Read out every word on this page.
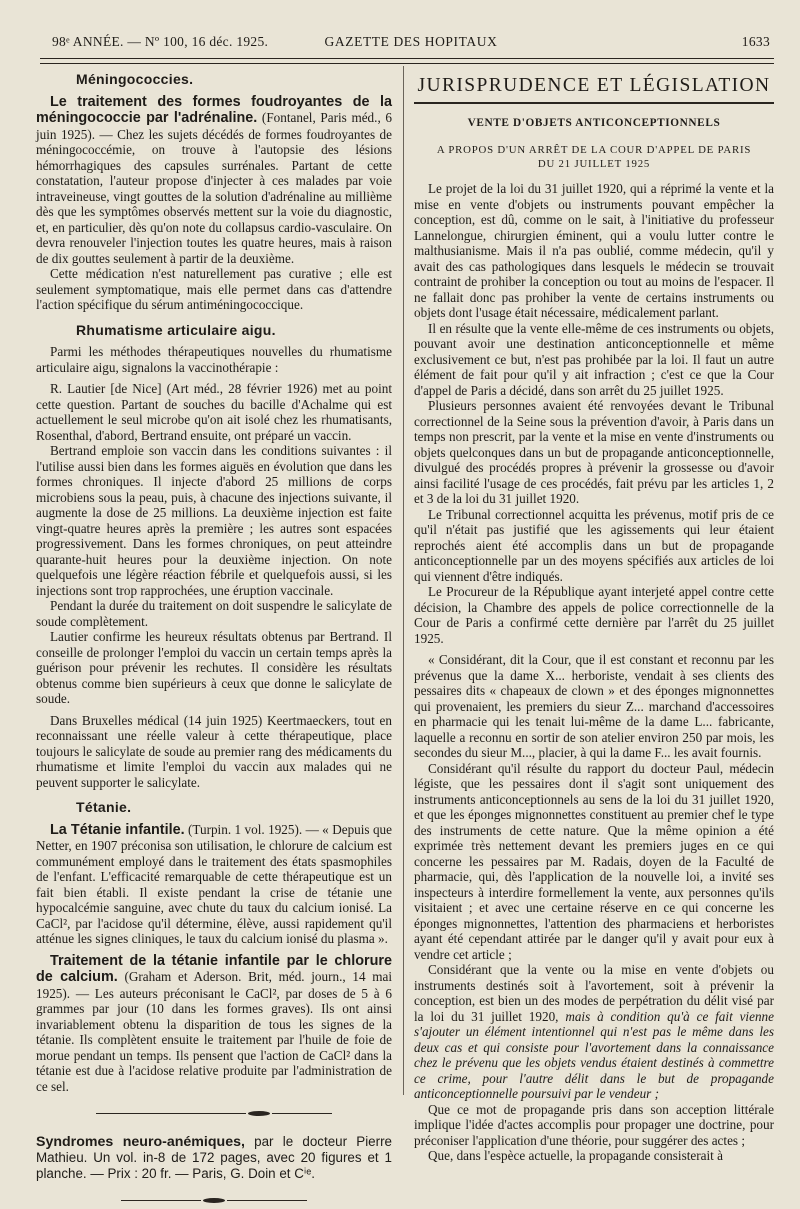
98ᵉ ANNÉE. — Nº 100, 16 déc. 1925.	GAZETTE DES HOPITAUX	1633
Méningococcies.

Le traitement des formes foudroyantes de la méningococcie par l'adrénaline. (Fontanel, Paris méd., 6 juin 1925). — Chez les sujets décédés de formes foudroyantes de méningococcémie, on trouve à l'autopsie des lésions hémorrhagiques des capsules surrénales. Partant de cette constatation, l'auteur propose d'injecter à ces malades par voie intraveineuse, vingt gouttes de la solution d'adrénaline au millième dès que les symptômes observés mettent sur la voie du diagnostic, et, en particulier, dès qu'on note du collapsus cardio-vasculaire. On devra renouveler l'injection toutes les quatre heures, mais à raison de dix gouttes seulement à partir de la deuxième.

Cette médication n'est naturellement pas curative ; elle est seulement symptomatique, mais elle permet dans cas d'attendre l'action spécifique du sérum antiméningococcique.

Rhumatisme articulaire aigu.

Parmi les méthodes thérapeutiques nouvelles du rhumatisme articulaire aigu, signalons la vaccinothérapie :

R. Lautier [de Nice] (Art méd., 28 février 1926) met au point cette question. Partant de souches du bacille d'Achalme qui est actuellement le seul microbe qu'on ait isolé chez les rhumatisants, Rosenthal, d'abord, Bertrand ensuite, ont préparé un vaccin.

Bertrand emploie son vaccin dans les conditions suivantes : il l'utilise aussi bien dans les formes aiguës en évolution que dans les formes chroniques. Il injecte d'abord 25 millions de corps microbiens sous la peau, puis, à chacune des injections suivante, il augmente la dose de 25 millions. La deuxième injection est faite vingt-quatre heures après la première ; les autres sont espacées progressivement. Dans les formes chroniques, on peut atteindre quarante-huit heures pour la deuxième injection. On note quelquefois une légère réaction fébrile et quelquefois aussi, si les injections sont trop rapprochées, une éruption vaccinale.

Pendant la durée du traitement on doit suspendre le salicylate de soude complètement.

Lautier confirme les heureux résultats obtenus par Bertrand. Il conseille de prolonger l'emploi du vaccin un certain temps après la guérison pour prévenir les rechutes. Il considère les résultats obtenus comme bien supérieurs à ceux que donne le salicylate de soude.

Dans Bruxelles médical (14 juin 1925) Keertmaeckers, tout en reconnaissant une réelle valeur à cette thérapeutique, place toujours le salicylate de soude au premier rang des médicaments du rhumatisme et limite l'emploi du vaccin aux malades qui ne peuvent supporter le salicylate.

Tétanie.

La Tétanie infantile. (Turpin. 1 vol. 1925). — « Depuis que Netter, en 1907 préconisa son utilisation, le chlorure de calcium est communément employé dans le traitement des états spasmophiles de l'enfant. L'efficacité remarquable de cette thérapeutique est un fait bien établi. Il existe pendant la crise de tétanie une hypocalcémie sanguine, avec chute du taux du calcium ionisé. La CaCl², par l'acidose qu'il détermine, élève, aussi rapidement qu'il atténue les signes cliniques, le taux du calcium ionisé du plasma ».

Traitement de la tétanie infantile par le chlorure de calcium. (Graham et Aderson. Brit, méd. journ., 14 mai 1925). — Les auteurs préconisant le CaCl², par doses de 5 à 6 grammes par jour (10 dans les formes graves). Ils ont ainsi invariablement obtenu la disparition de tous les signes de la tétanie. Ils complètent ensuite le traitement par l'huile de foie de morue pendant un temps. Ils pensent que l'action de CaCl² dans la tétanie est due à l'acidose relative produite par l'administration de ce sel.

Syndromes neuro-anémiques, par le docteur Pierre Mathieu. Un vol. in-8 de 172 pages, avec 20 figures et 1 planche. — Prix : 20 fr. — Paris, G. Doin et Cⁱᵉ.

JURISPRUDENCE ET LÉGISLATION
VENTE D'OBJETS ANTICONCEPTIONNELS
A PROPOS D'UN ARRÊT DE LA COUR D'APPEL DE PARIS
DU 21 JUILLET 1925

Le projet de la loi du 31 juillet 1920, qui a réprimé la vente et la mise en vente d'objets ou instruments pouvant empêcher la conception, est dû, comme on le sait, à l'initiative du professeur Lannelongue, chirurgien éminent, qui a voulu lutter contre le malthusianisme. Mais il n'a pas oublié, comme médecin, qu'il y avait des cas pathologiques dans lesquels le médecin se trouvait contraint de prohiber la conception ou tout au moins de l'espacer. Il ne fallait donc pas prohiber la vente de certains instruments ou objets dont l'usage était nécessaire, médicalement parlant.

Il en résulte que la vente elle-même de ces instruments ou objets, pouvant avoir une destination anticonceptionnelle et même exclusivement ce but, n'est pas prohibée par la loi. Il faut un autre élément de fait pour qu'il y ait infraction ; c'est ce que la Cour d'appel de Paris a décidé, dans son arrêt du 25 juillet 1925.

Plusieurs personnes avaient été renvoyées devant le Tribunal correctionnel de la Seine sous la prévention d'avoir, à Paris dans un temps non prescrit, par la vente et la mise en vente d'instruments ou objets quelconques dans un but de propagande anticonceptionnelle, divulgué des procédés propres à prévenir la grossesse ou d'avoir ainsi facilité l'usage de ces procédés, fait prévu par les articles 1, 2 et 3 de la loi du 31 juillet 1920.

Le Tribunal correctionnel acquitta les prévenus, motif pris de ce qu'il n'était pas justifié que les agissements qui leur étaient reprochés aient été accomplis dans un but de propagande anticonceptionnelle par un des moyens spécifiés aux articles de loi qui viennent d'être indiqués.

Le Procureur de la République ayant interjeté appel contre cette décision, la Chambre des appels de police correctionnelle de la Cour de Paris a confirmé cette dernière par l'arrêt du 25 juillet 1925.

« Considérant, dit la Cour, que il est constant et reconnu par les prévenus que la dame X... herboriste, vendait à ses clients des pessaires dits « chapeaux de clown » et des éponges mignonnettes qui provenaient, les premiers du sieur Z... marchand d'accessoires en pharmacie qui les tenait lui-même de la dame L... fabricante, laquelle a reconnu en sortir de son atelier environ 250 par mois, les secondes du sieur M..., placier, à qui la dame F... les avait fournis.

Considérant qu'il résulte du rapport du docteur Paul, médecin légiste, que les pessaires dont il s'agit sont uniquement des instruments anticonceptionnels au sens de la loi du 31 juillet 1920, et que les éponges mignonnettes constituent au premier chef le type des instruments de cette nature. Que la même opinion a été exprimée très nettement devant les premiers juges en ce qui concerne les pessaires par M. Radais, doyen de la Faculté de pharmacie, qui, dès l'application de la nouvelle loi, a invité ses inspecteurs à interdire formellement la vente, aux personnes qu'ils visitaient ; et avec une certaine réserve en ce qui concerne les éponges mignonnettes, l'attention des pharmaciens et herboristes ayant été cependant attirée par le danger qu'il y avait pour eux à vendre cet article ;

Considérant que la vente ou la mise en vente d'objets ou instruments destinés soit à l'avortement, soit à prévenir la conception, est bien un des modes de perpétration du délit visé par la loi du 31 juillet 1920, mais à condition qu'à ce fait vienne s'ajouter un élément intentionnel qui n'est pas le même dans les deux cas et qui consiste pour l'avortement dans la connaissance chez le prévenu que les objets vendus étaient destinés à commettre ce crime, pour l'autre délit dans le but de propagande anticonceptionnelle poursuivi par le vendeur ;

Que ce mot de propagande pris dans son acception littérale implique l'idée d'actes accomplis pour propager une doctrine, pour préconiser l'application d'une théorie, pour suggérer des actes ;

Que, dans l'espèce actuelle, la propagande consisterait à
